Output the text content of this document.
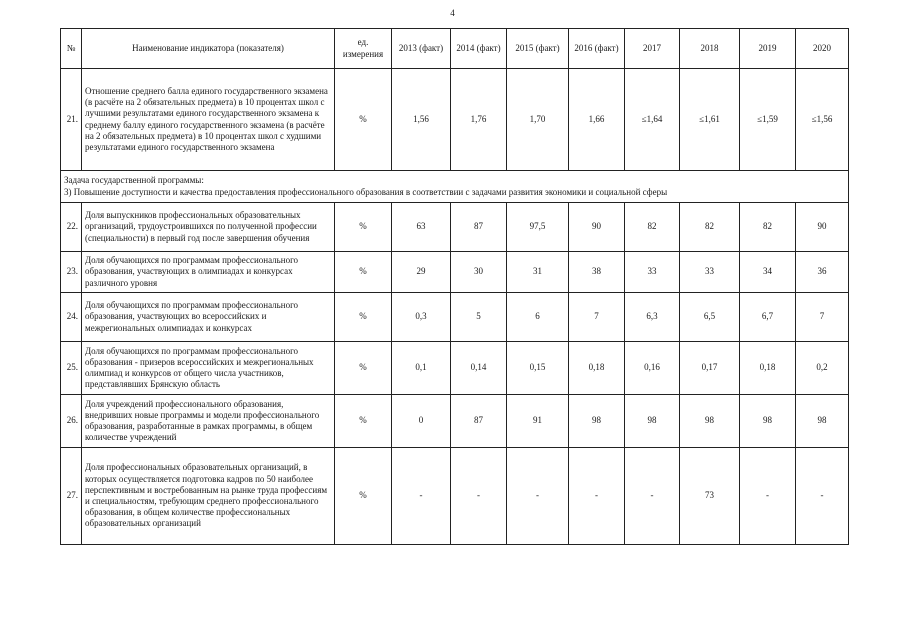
4
№	Наименование индикатора (показателя)	ед. измерения	2013 (факт)	2014 (факт)	2015 (факт)	2016 (факт)	2017	2018	2019	2020
21.	Отношение среднего балла единого государственного экзамена (в расчёте на 2 обязательных предмета) в 10 процентах школ с лучшими результатами единого государственного экзамена к среднему баллу единого государственного экзамена (в расчёте на 2 обязательных предмета) в 10 процентах школ с худшими результатами единого государственного экзамена	%	1,56	1,76	1,70	1,66	≤1,64	≤1,61	≤1,59	≤1,56

Задача государственной программы:
3) Повышение доступности и качества предоставления профессионального образования в соответствии с задачами развития экономики и социальной сферы										

22.	Доля выпускников профессиональных образовательных организаций, трудоустроившихся по полученной профессии (специальности) в первый год после завершения обучения	%	63	87	97,5	90	82	82	82	90
23.	Доля обучающихся по программам профессионального образования, участвующих в олимпиадах и конкурсах различного уровня	%	29	30	31	38	33	33	34	36
24.	Доля обучающихся по программам профессионального образования, участвующих во всероссийских и межрегиональных олимпиадах и конкурсах	%	0,3	5	6	7	6,3	6,5	6,7	7
25.	Доля обучающихся по программам профессионального образования - призеров всероссийских и межрегиональных олимпиад и конкурсов от общего числа участников, представлявших Брянскую область	%	0,1	0,14	0,15	0,18	0,16	0,17	0,18	0,2
26.	Доля учреждений профессионального образования, внедривших новые программы и модели профессионального образования, разработанные в рамках программы, в общем количестве учреждений	%	0	87	91	98	98	98	98	98
27.	Доля профессиональных образовательных организаций, в которых осуществляется подготовка кадров по 50 наиболее перспективным и востребованным на рынке труда профессиям и специальностям, требующим среднего профессионального образования, в общем количестве профессиональных образовательных организаций	%	-	-	-	-	-	73	-	-
